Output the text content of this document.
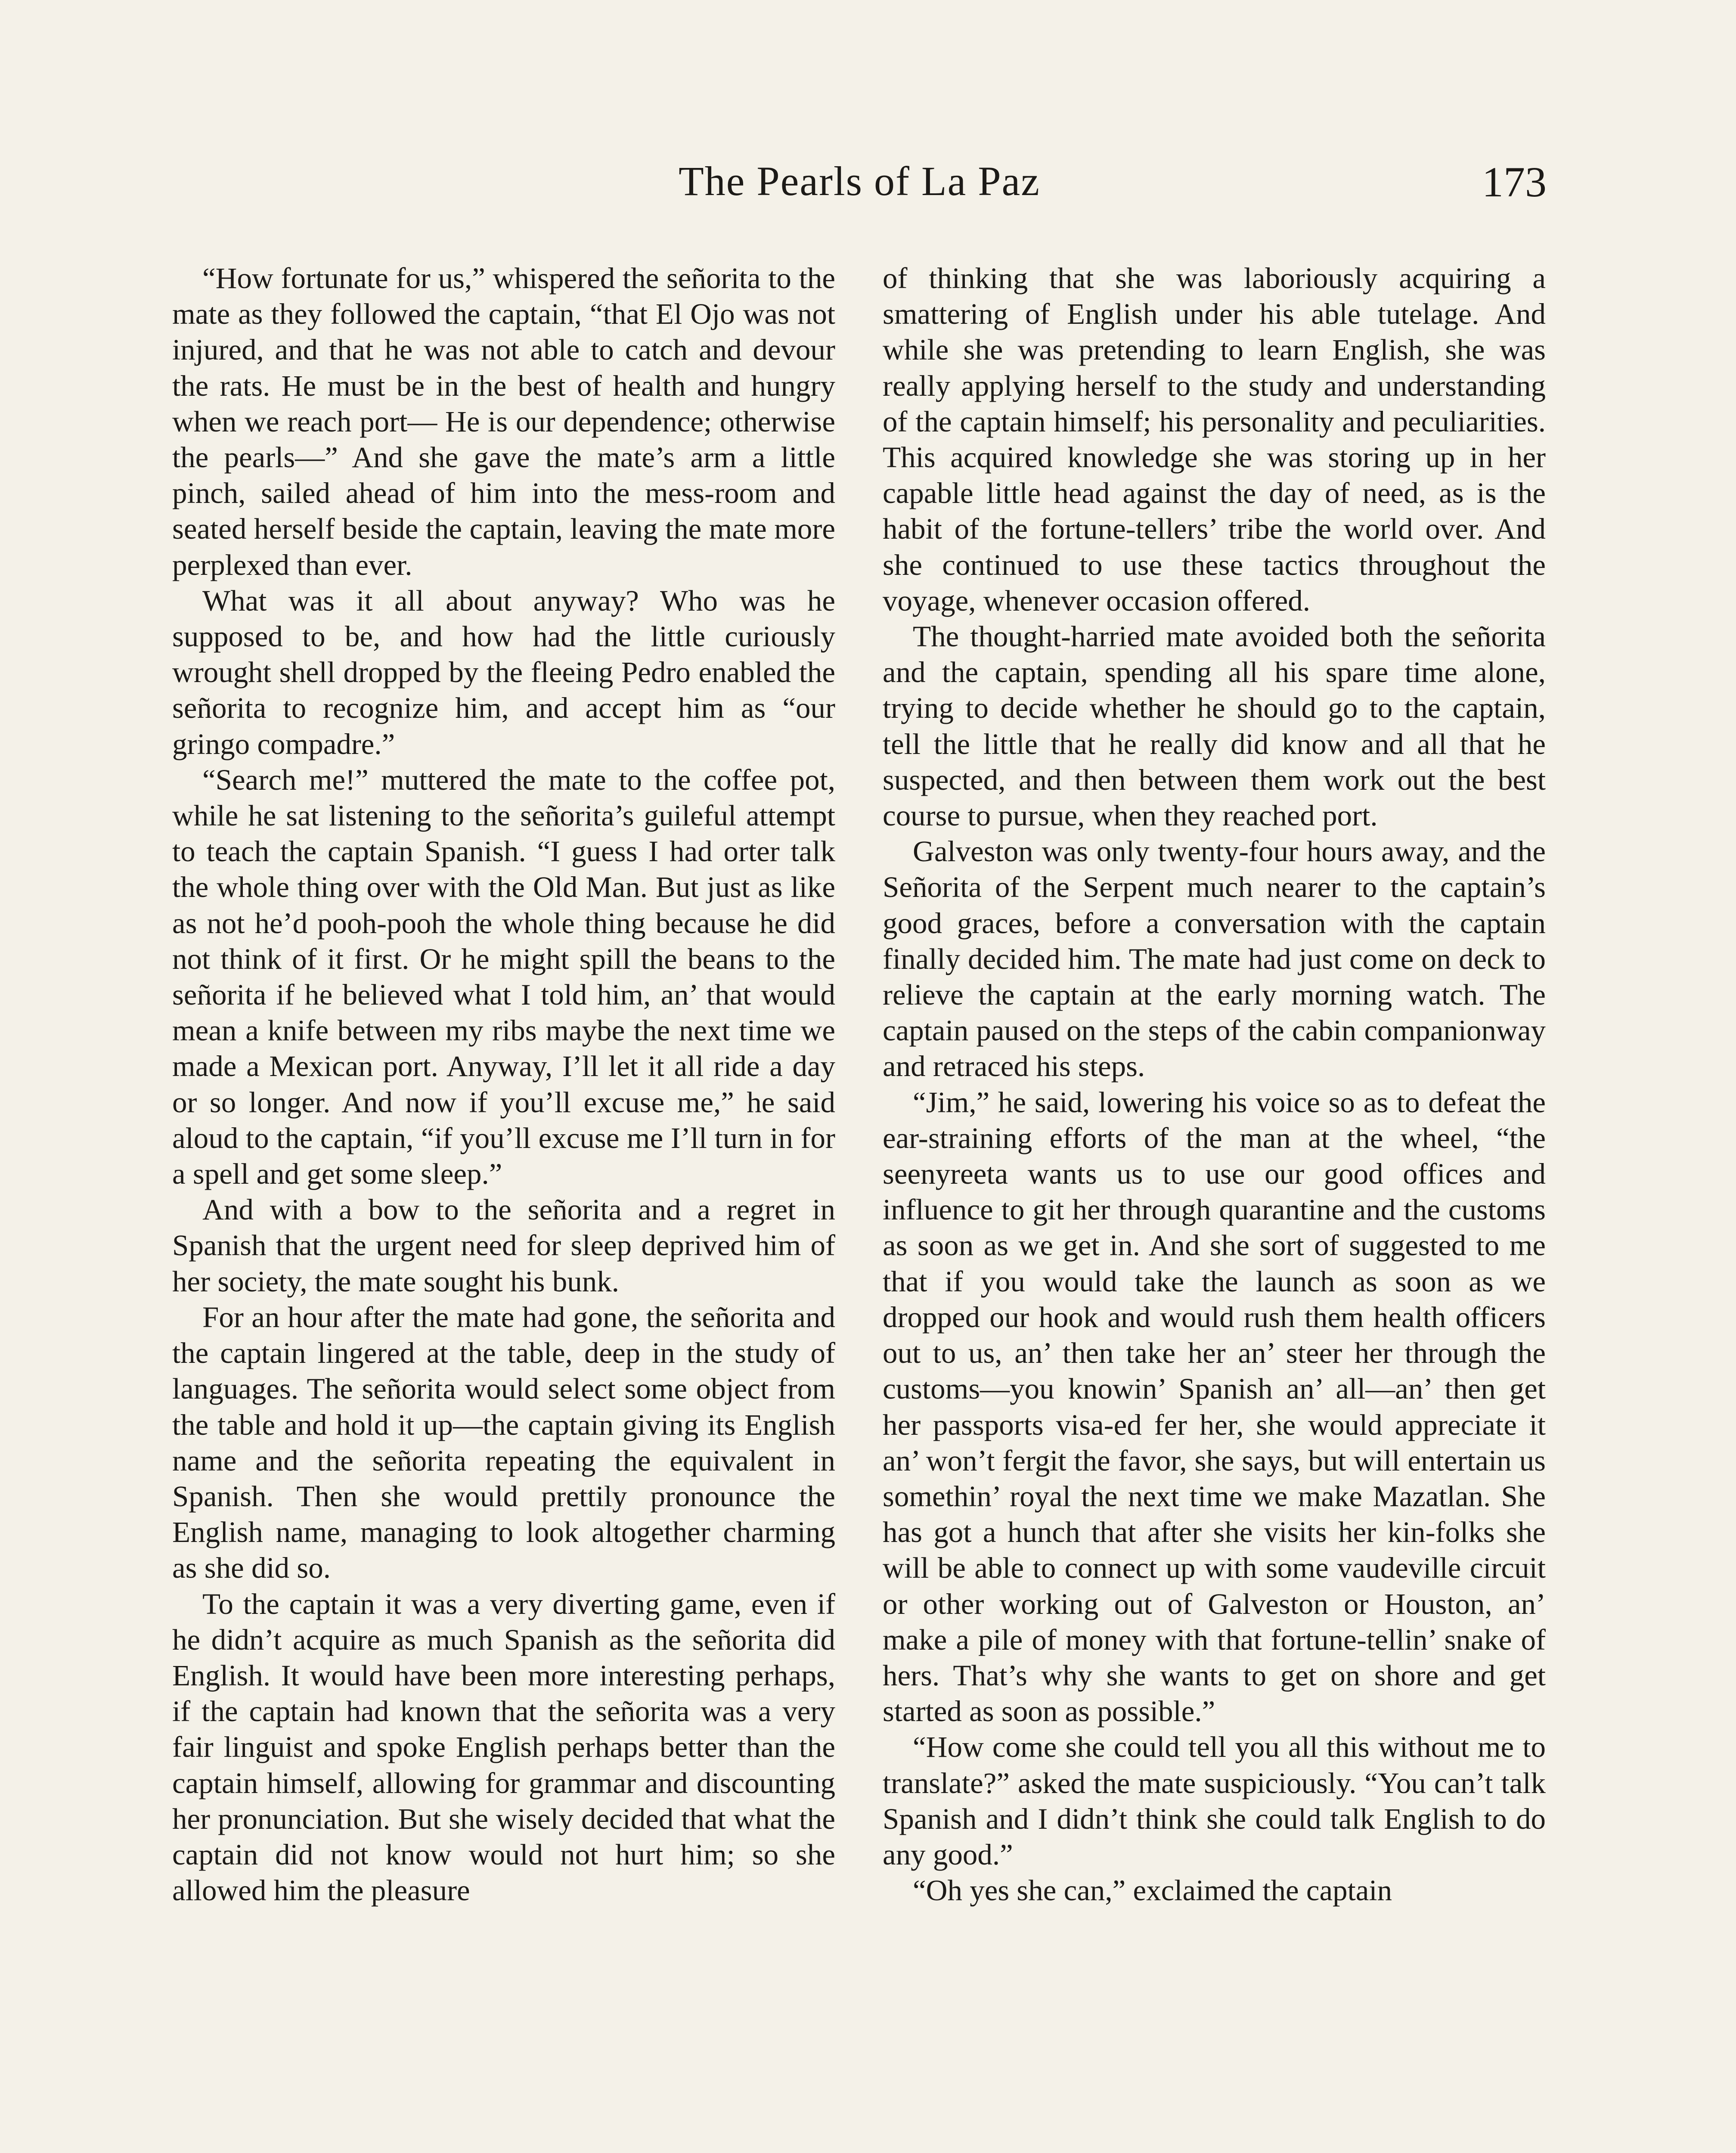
The Pearls of La Paz	173

“How fortunate for us,” whispered the señorita to the mate as they followed the captain, “that El Ojo was not injured, and that he was not able to catch and devour the rats. He must be in the best of health and hungry when we reach port— He is our dependence; otherwise the pearls—” And she gave the mate’s arm a little pinch, sailed ahead of him into the mess-room and seated herself beside the captain, leaving the mate more perplexed than ever.

What was it all about anyway? Who was he supposed to be, and how had the little curiously wrought shell dropped by the fleeing Pedro enabled the señorita to recognize him, and accept him as “our gringo compadre.”

“Search me!” muttered the mate to the coffee pot, while he sat listening to the señorita’s guileful attempt to teach the captain Spanish. “I guess I had orter talk the whole thing over with the Old Man. But just as like as not he’d pooh-pooh the whole thing because he did not think of it first. Or he might spill the beans to the señorita if he believed what I told him, an’ that would mean a knife between my ribs maybe the next time we made a Mexican port. Anyway, I’ll let it all ride a day or so longer. And now if you’ll excuse me,” he said aloud to the captain, “if you’ll excuse me I’ll turn in for a spell and get some sleep.”

And with a bow to the señorita and a regret in Spanish that the urgent need for sleep deprived him of her society, the mate sought his bunk.

For an hour after the mate had gone, the señorita and the captain lingered at the table, deep in the study of languages. The señorita would select some object from the table and hold it up—the captain giving its English name and the señorita repeating the equivalent in Spanish. Then she would prettily pronounce the English name, managing to look altogether charming as she did so.

To the captain it was a very diverting game, even if he didn’t acquire as much Spanish as the señorita did English. It would have been more interesting perhaps, if the captain had known that the señorita was a very fair linguist and spoke English perhaps better than the captain himself, allowing for grammar and discounting her pronunciation. But she wisely decided that what the captain did not know would not hurt him; so she allowed him the pleasure

of thinking that she was laboriously acquiring a smattering of English under his able tutelage. And while she was pretending to learn English, she was really applying herself to the study and understanding of the captain himself; his personality and peculiarities. This acquired knowledge she was storing up in her capable little head against the day of need, as is the habit of the fortune-tellers’ tribe the world over. And she continued to use these tactics throughout the voyage, whenever occasion offered.

The thought-harried mate avoided both the señorita and the captain, spending all his spare time alone, trying to decide whether he should go to the captain, tell the little that he really did know and all that he suspected, and then between them work out the best course to pursue, when they reached port.

Galveston was only twenty-four hours away, and the Señorita of the Serpent much nearer to the captain’s good graces, before a conversation with the captain finally decided him. The mate had just come on deck to relieve the captain at the early morning watch. The captain paused on the steps of the cabin companionway and retraced his steps.

“Jim,” he said, lowering his voice so as to defeat the ear-straining efforts of the man at the wheel, “the seenyreeta wants us to use our good offices and influence to git her through quarantine and the customs as soon as we get in. And she sort of suggested to me that if you would take the launch as soon as we dropped our hook and would rush them health officers out to us, an’ then take her an’ steer her through the customs—you knowin’ Spanish an’ all—an’ then get her passports visa-ed fer her, she would appreciate it an’ won’t fergit the favor, she says, but will entertain us somethin’ royal the next time we make Mazatlan. She has got a hunch that after she visits her kin-folks she will be able to connect up with some vaudeville circuit or other working out of Galveston or Houston, an’ make a pile of money with that fortune-tellin’ snake of hers. That’s why she wants to get on shore and get started as soon as possible.”

“How come she could tell you all this without me to translate?” asked the mate suspiciously. “You can’t talk Spanish and I didn’t think she could talk English to do any good.”

“Oh yes she can,” exclaimed the captain
